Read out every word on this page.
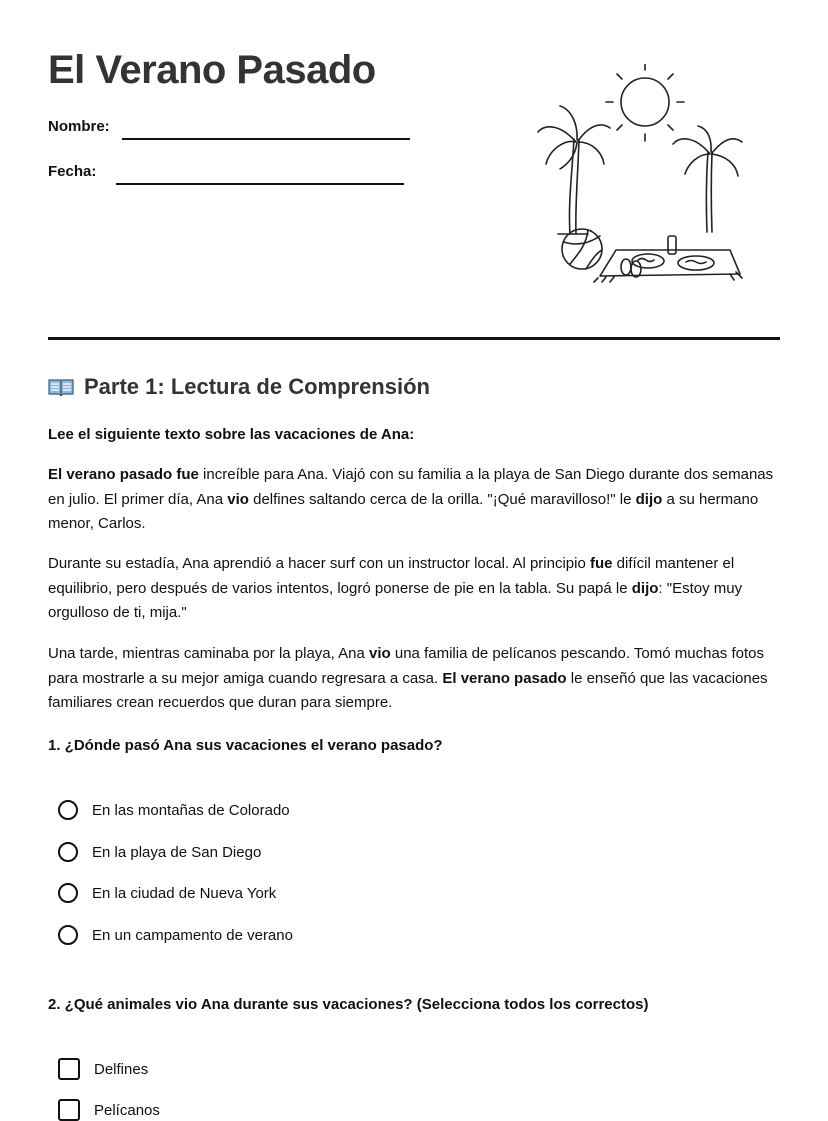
El Verano Pasado
Nombre:
Fecha:
Parte 1: Lectura de Comprensión
Lee el siguiente texto sobre las vacaciones de Ana:

El verano pasado fue increíble para Ana. Viajó con su familia a la playa de San Diego durante dos semanas en julio. El primer día, Ana vio delfines saltando cerca de la orilla. "¡Qué maravilloso!" le dijo a su hermano menor, Carlos.

Durante su estadía, Ana aprendió a hacer surf con un instructor local. Al principio fue difícil mantener el equilibrio, pero después de varios intentos, logró ponerse de pie en la tabla. Su papá le dijo: "Estoy muy orgulloso de ti, mija."

Una tarde, mientras caminaba por la playa, Ana vio una familia de pelícanos pescando. Tomó muchas fotos para mostrarle a su mejor amiga cuando regresara a casa. El verano pasado le enseñó que las vacaciones familiares crean recuerdos que duran para siempre.

1. ¿Dónde pasó Ana sus vacaciones el verano pasado?
En las montañas de Colorado
En la playa de San Diego
En la ciudad de Nueva York
En un campamento de verano
2. ¿Qué animales vio Ana durante sus vacaciones? (Selecciona todos los correctos)
Delfines
Pelícanos
